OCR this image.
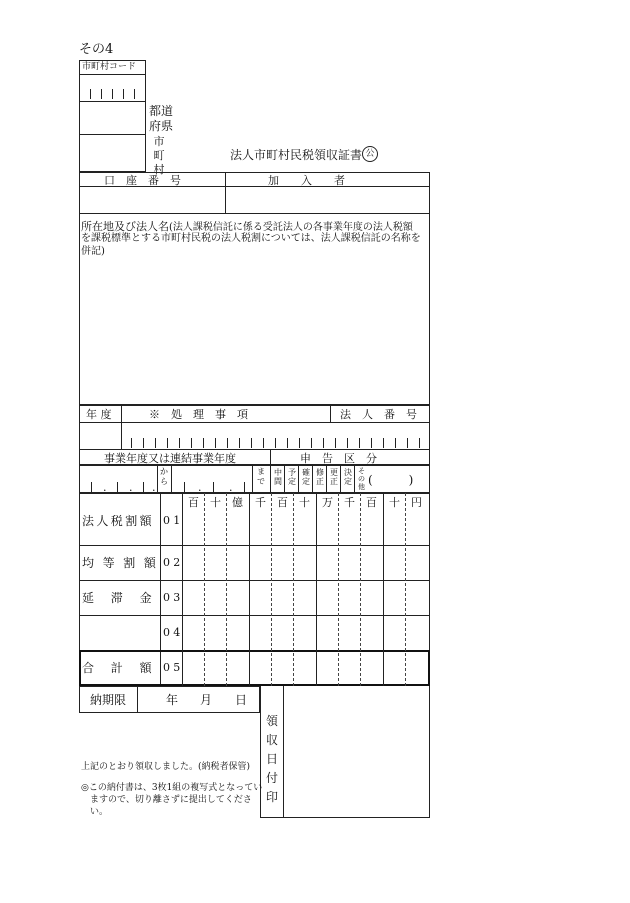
その4
市町村コード
都道府県
市町村
法人市町村民税領収証書 公
口　座　番　号	加　　入　　者
所在地及び法人名(法人課税信託に係る受託法人の各事業年度の法人税額
を課税標準とする市町村民税の法人税割については、法人課税信託の名称を
併記)
年 度	※　処　理　事　項	法　人　番　号
事業年度又は連結事業年度	申　告　区　分
. . .
から	.	.
まで
中間
予定
確定
修正
更正
決定
その他 (　　　)
百 十 億 千 百 十 万 千 百 十 円
法人税割額 01
均 等 割 額 02
延　滞　金 03
04
合　計　額 05
納期限	年 月 日
領収日付印
上記のとおり領収しました。(納税者保管)
◎この納付書は、3枚1組の複写式となってい
ますので、切り離さずに提出してくださ
い。
